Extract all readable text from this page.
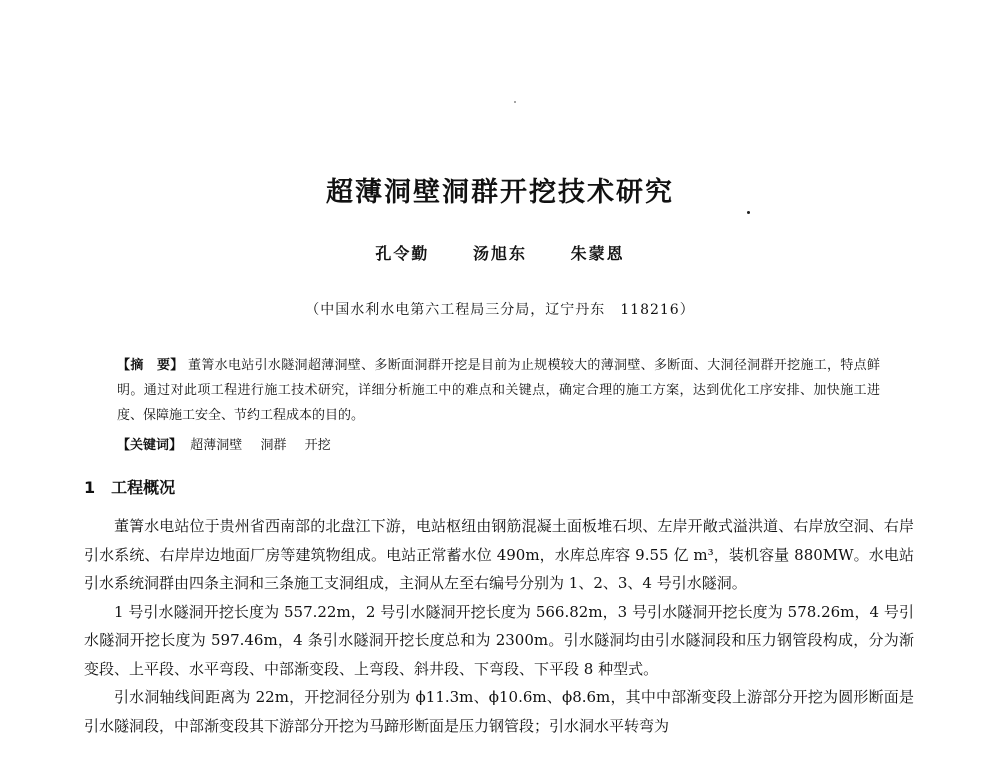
超薄洞壁洞群开挖技术研究
孔令勤　　	汤旭东　　	朱蒙恩
（中国水利水电第六工程局三分局，辽宁丹东　118216）

【摘　要】 董箐水电站引水隧洞超薄洞壁、多断面洞群开挖是目前为止规模较大的薄洞壁、多断面、大洞径洞群开挖施工，特点鲜明。通过对此项工程进行施工技术研究，详细分析施工中的难点和关键点，确定合理的施工方案，达到优化工序安排、加快施工进度、保障施工安全、节约工程成本的目的。

【关键词】 超薄洞壁 洞群 开挖
1 工程概况

董箐水电站位于贵州省西南部的北盘江下游，电站枢纽由钢筋混凝土面板堆石坝、左岸开敞式溢洪道、右岸放空洞、右岸引水系统、右岸岸边地面厂房等建筑物组成。电站正常蓄水位 490m，水库总库容 9.55 亿 m³，装机容量 880MW。水电站引水系统洞群由四条主洞和三条施工支洞组成，主洞从左至右编号分别为 1、2、3、4 号引水隧洞。

1 号引水隧洞开挖长度为 557.22m，2 号引水隧洞开挖长度为 566.82m，3 号引水隧洞开挖长度为 578.26m，4 号引水隧洞开挖长度为 597.46m，4 条引水隧洞开挖长度总和为 2300m。引水隧洞均由引水隧洞段和压力钢管段构成，分为渐变段、上平段、水平弯段、中部渐变段、上弯段、斜井段、下弯段、下平段 8 种型式。

引水洞轴线间距离为 22m，开挖洞径分别为 ϕ11.3m、ϕ10.6m、ϕ8.6m，其中中部渐变段上游部分开挖为圆形断面是引水隧洞段，中部渐变段其下游部分开挖为马蹄形断面是压力钢管段；引水洞水平转弯为
